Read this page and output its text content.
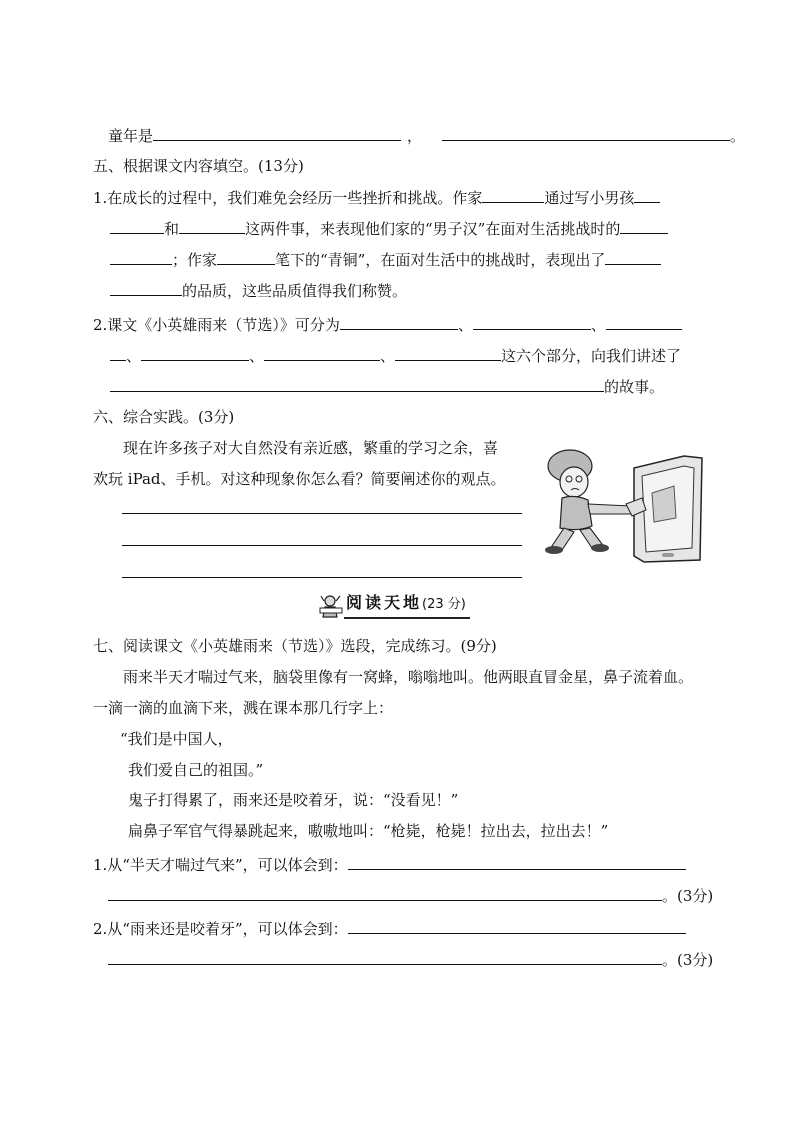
童年是	，	。
五、根据课文内容填空。(13分)
1.在成长的过程中，我们难免会经历一些挫折和挑战。作家	通过写小男孩
和	这两件事，来表现他们家的“男子汉”在面对生活挑战时的
；作家	笔下的“青铜”，在面对生活中的挑战时，表现出了
的品质，这些品质值得我们称赞。
2.课文《小英雄雨来（节选）》可分为	、	、
、	、	、	这六个部分，向我们讲述了
的故事。
六、综合实践。(3分)
现在许多孩子对大自然没有亲近感，繁重的学习之余，喜
欢玩 iPad、手机。对这种现象你怎么看？简要阐述你的观点。
阅读天地(23 分)
七、阅读课文《小英雄雨来（节选）》选段，完成练习。(9分)
雨来半天才喘过气来，脑袋里像有一窝蜂，嗡嗡地叫。他两眼直冒金星，鼻子流着血。
一滴一滴的血滴下来，溅在课本那几行字上：
“我们是中国人，
我们爱自己的祖国。”
鬼子打得累了，雨来还是咬着牙，说：“没看见！”
扁鼻子军官气得暴跳起来，嗷嗷地叫：“枪毙，枪毙！拉出去，拉出去！”
1.从“半天才喘过气来”，可以体会到：
。(3分)
2.从“雨来还是咬着牙”，可以体会到：
。(3分)
